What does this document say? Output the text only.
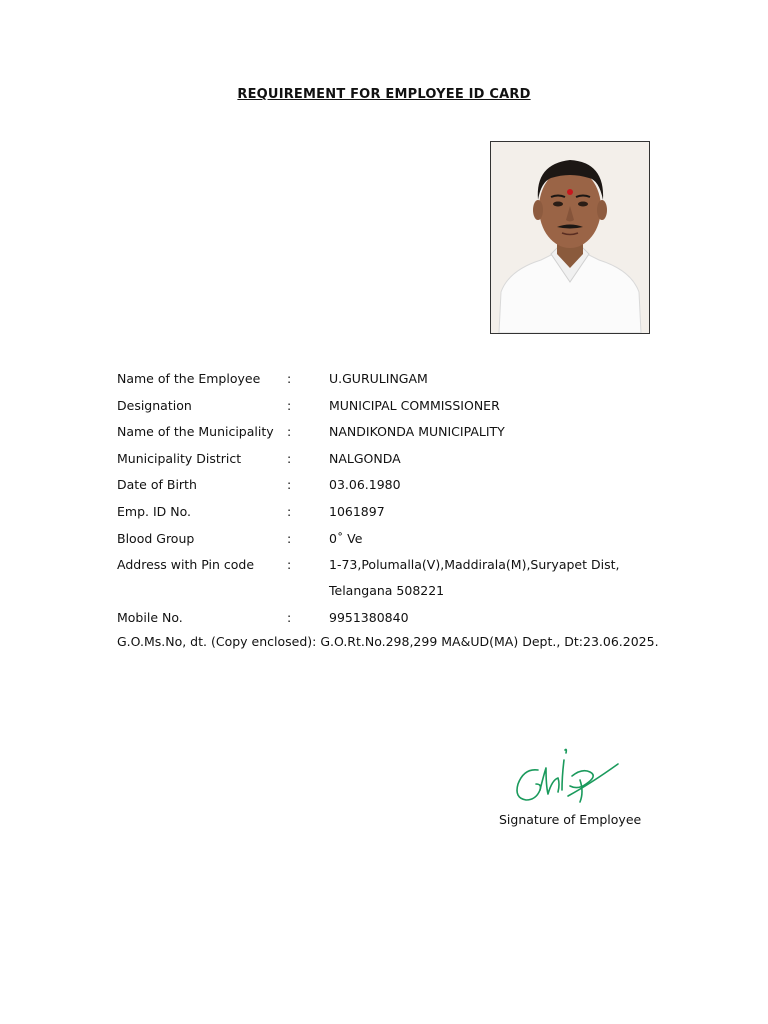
REQUIREMENT FOR EMPLOYEE ID CARD
Name of the Employee :	U.GURULINGAM
Designation	:	MUNICIPAL COMMISSIONER
Name of the Municipality :	NANDIKONDA MUNICIPALITY
Municipality District	:	NALGONDA
Date of Birth	:	03.06.1980
Emp. ID No.	:	1061897
Blood Group	:	0˚ Ve
Address with Pin code	:	1-73,Polumalla(V),Maddirala(M),Suryapet Dist,
Telangana 508221
Mobile No.	:	9951380840
G.O.Ms.No, dt. (Copy enclosed): G.O.Rt.No.298,299 MA&UD(MA) Dept., Dt:23.06.2025.
Signature of Employee
